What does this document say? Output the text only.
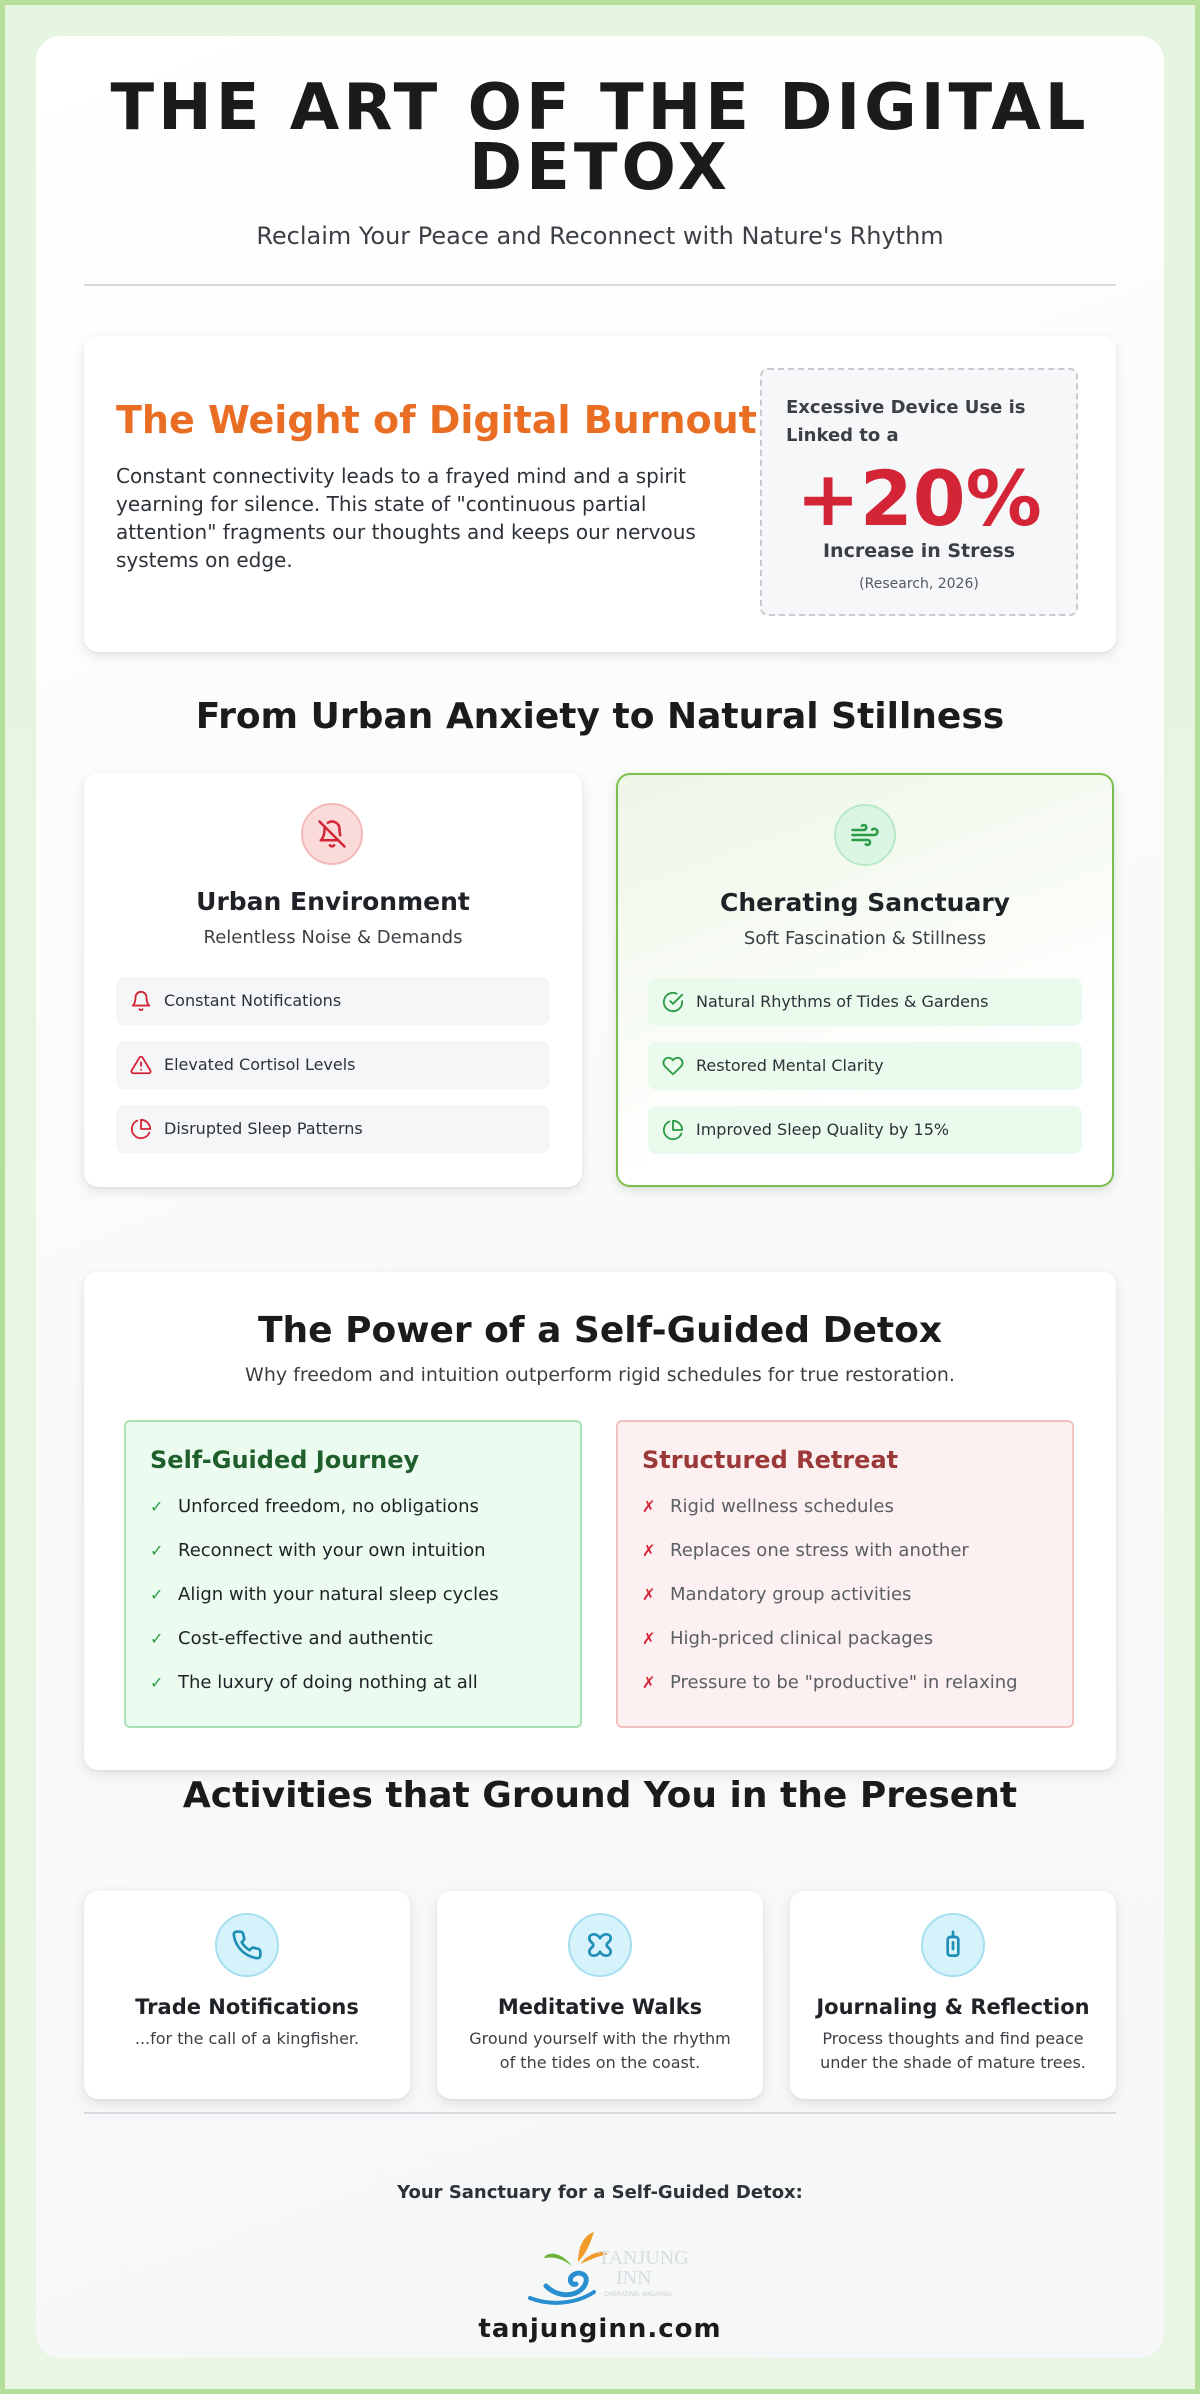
THE ART OF THE DIGITAL DETOX
Reclaim Your Peace and Reconnect with Nature's Rhythm
The Weight of Digital Burnout

Constant connectivity leads to a frayed mind and a spirit yearning for silence. This state of "continuous partial attention" fragments our thoughts and keeps our nervous systems on edge.

Excessive Device Use is Linked to a
+20%
Increase in Stress
(Research, 2026)
From Urban Anxiety to Natural Stillness
Urban Environment
Relentless Noise & Demands
Constant Notifications
Elevated Cortisol Levels
Disrupted Sleep Patterns
Cherating Sanctuary
Soft Fascination & Stillness
Natural Rhythms of Tides & Gardens
Restored Mental Clarity
Improved Sleep Quality by 15%
The Power of a Self-Guided Detox
Why freedom and intuition outperform rigid schedules for true restoration.
Self-Guided Journey
✓ Unforced freedom, no obligations
✓ Reconnect with your own intuition
✓ Align with your natural sleep cycles
✓ Cost-effective and authentic
✓ The luxury of doing nothing at all
Structured Retreat
✗ Rigid wellness schedules
✗ Replaces one stress with another
✗ Mandatory group activities
✗ High-priced clinical packages
✗ Pressure to be "productive" in relaxing
Activities that Ground You in the Present
Trade Notifications
...for the call of a kingfisher.
Meditative Walks
Ground yourself with the rhythm of the tides on the coast.
Journaling & Reflection
Process thoughts and find peace under the shade of mature trees.
Your Sanctuary for a Self-Guided Detox:
TANJUNG
INN
CHERATING, MALAYSIA
tanjunginn.com
